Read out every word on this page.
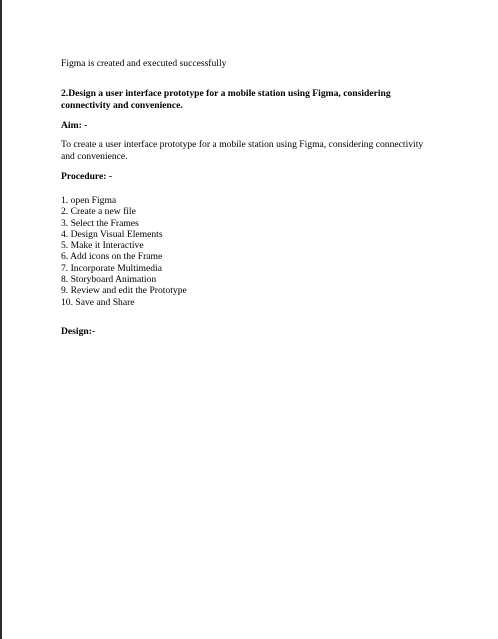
Figma is created and executed successfully
2.Design a user interface prototype for a mobile station using Figma, considering
connectivity and convenience.
Aim: -
To create a user interface prototype for a mobile station using Figma, considering connectivity
and convenience.
Procedure: -
1. open Figma
2. Create a new file
3. Select the Frames
4. Design Visual Elements
5. Make it Interactive
6. Add icons on the Frame
7. Incorporate Multimedia
8. Storyboard Animation
9. Review and edit the Prototype
10. Save and Share
Design:-
